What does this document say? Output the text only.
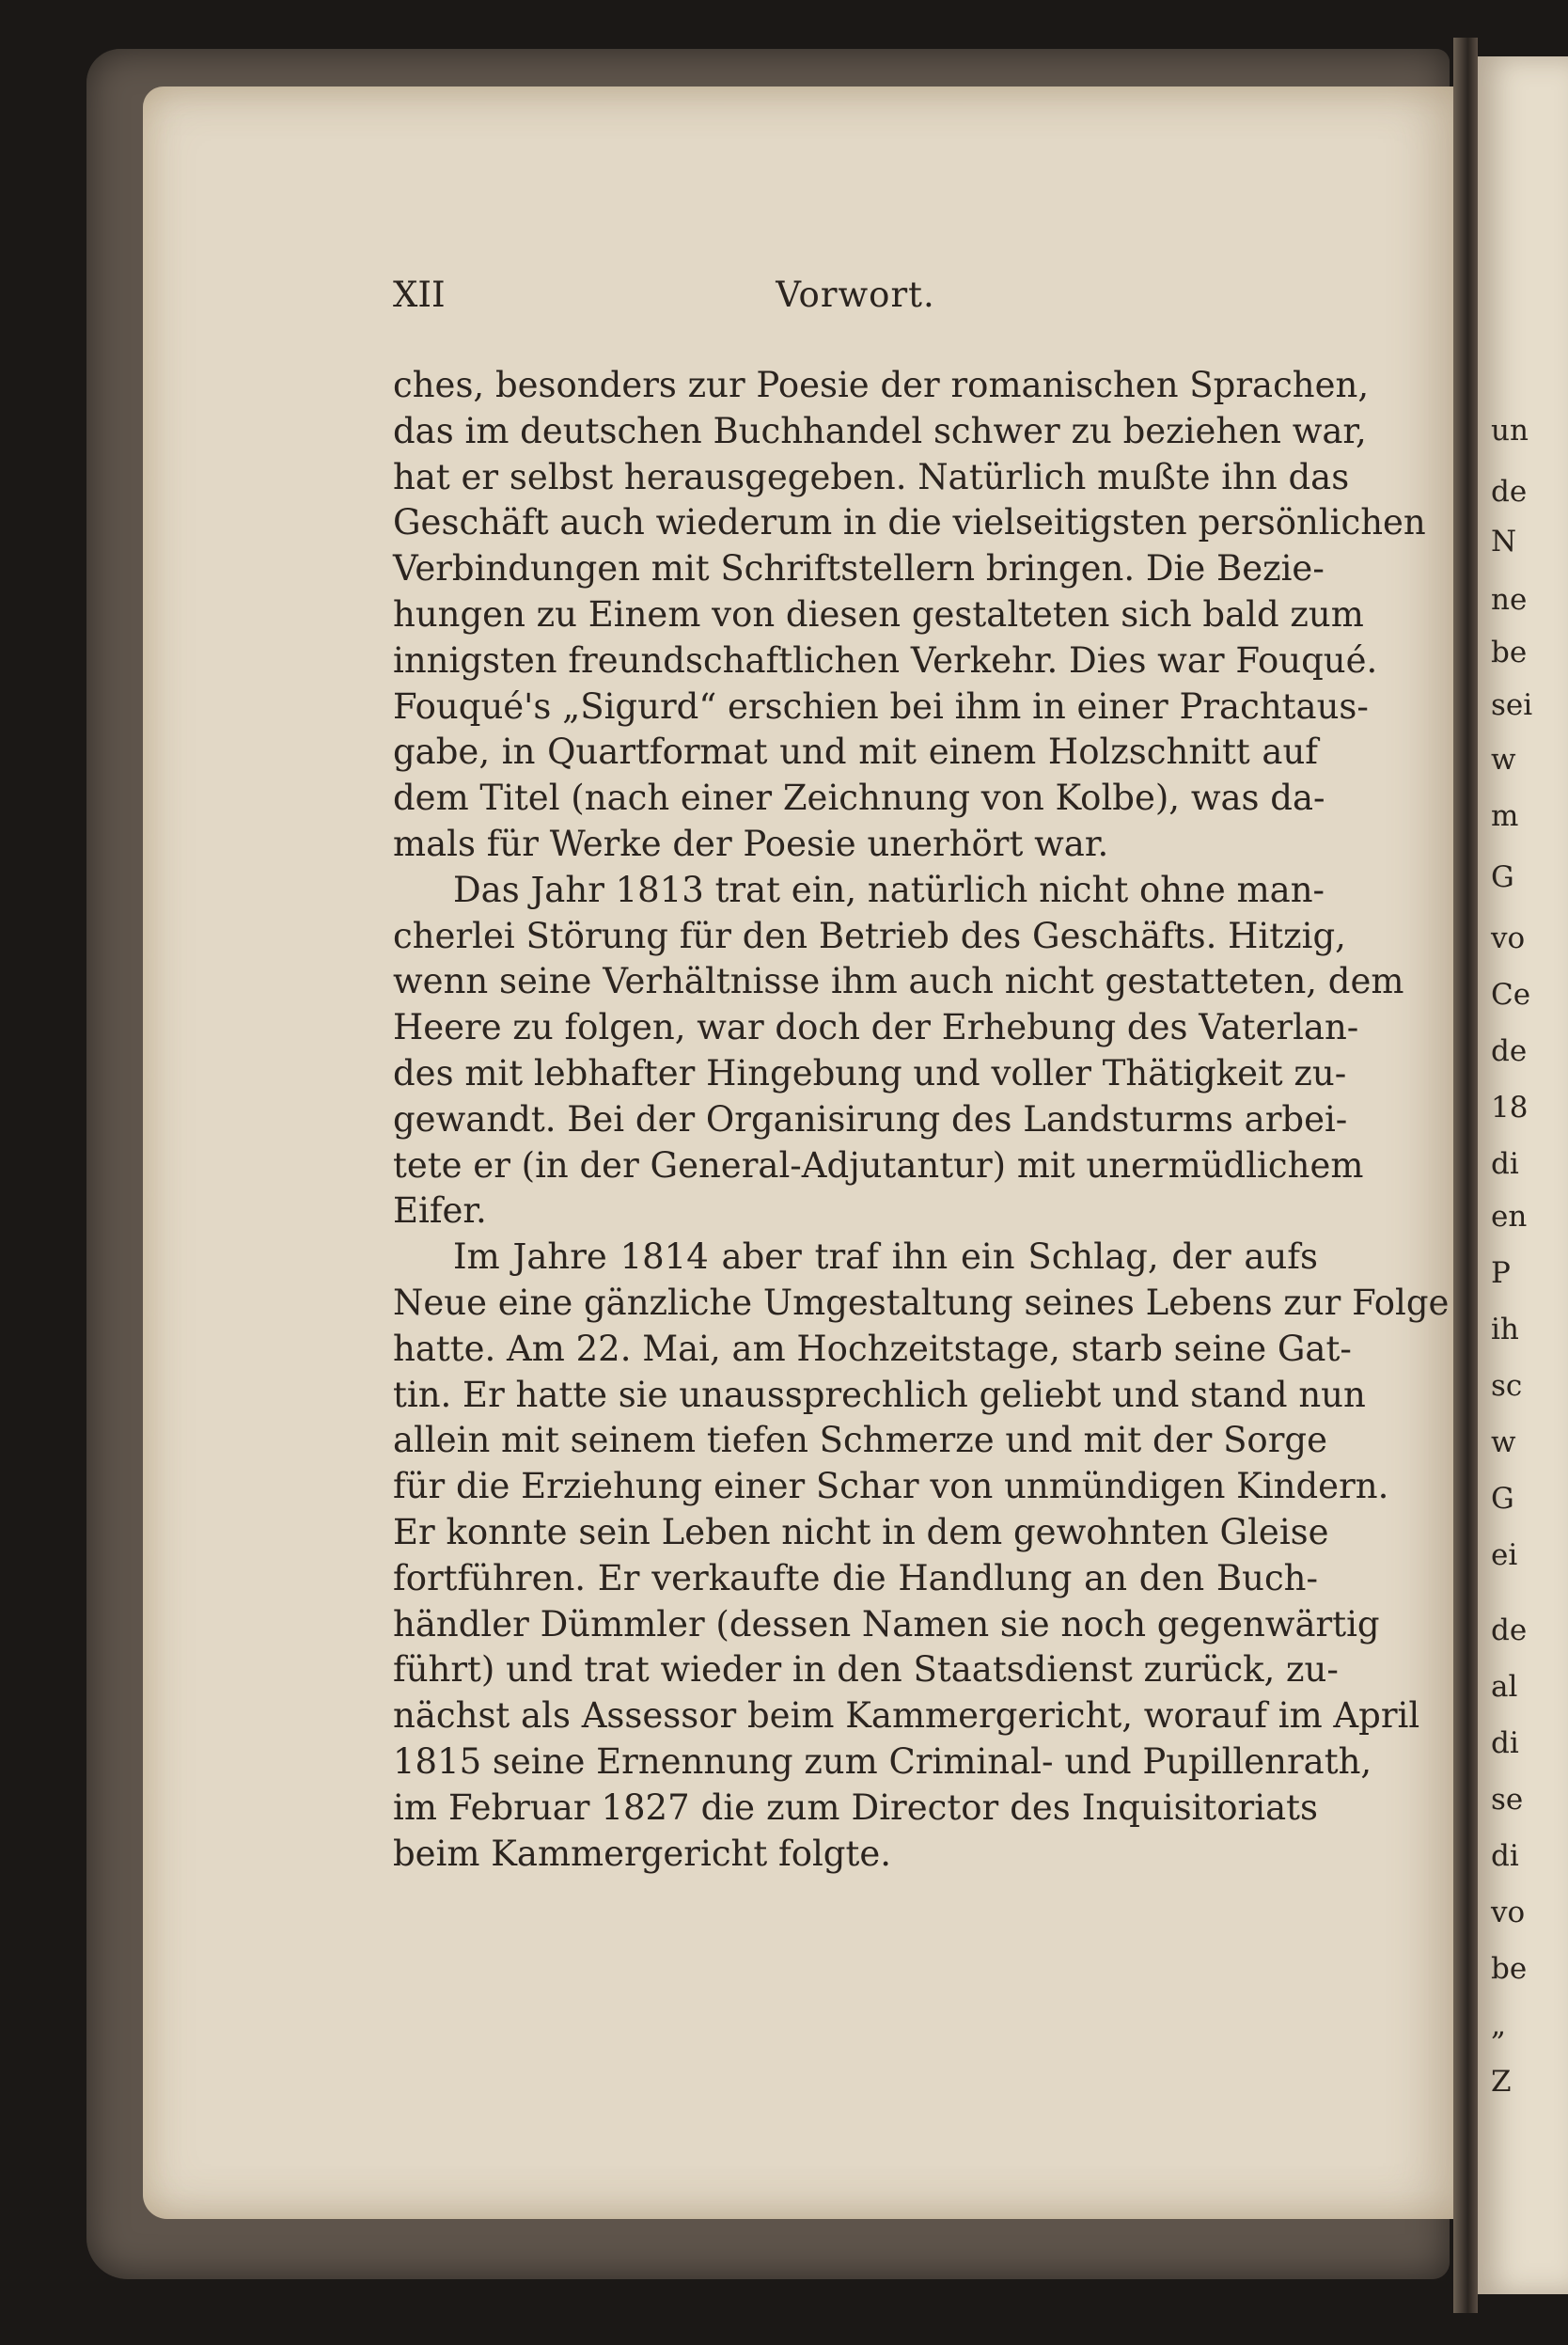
un
de
N
ne
be
sei
w
m
G
vo
Ce
de
18
di
en
P
ih
sc
w
G
ei
de
al
di
se
di
vo
be
„
Z
XII	Vorwort.
ches, besonders zur Poesie der romanischen Sprachen,
das im deutschen Buchhandel schwer zu beziehen war,
hat er selbst herausgegeben. Natürlich mußte ihn das
Geschäft auch wiederum in die vielseitigsten persönlichen
Verbindungen mit Schriftstellern bringen. Die Bezie-
hungen zu Einem von diesen gestalteten sich bald zum
innigsten freundschaftlichen Verkehr. Dies war Fouqué.
Fouqué's „Sigurd“ erschien bei ihm in einer Prachtaus-
gabe, in Quartformat und mit einem Holzschnitt auf
dem Titel (nach einer Zeichnung von Kolbe), was da-
mals für Werke der Poesie unerhört war.
Das Jahr 1813 trat ein, natürlich nicht ohne man-
cherlei Störung für den Betrieb des Geschäfts. Hitzig,
wenn seine Verhältnisse ihm auch nicht gestatteten, dem
Heere zu folgen, war doch der Erhebung des Vaterlan-
des mit lebhafter Hingebung und voller Thätigkeit zu-
gewandt. Bei der Organisirung des Landsturms arbei-
tete er (in der General-Adjutantur) mit unermüdlichem
Eifer.
Im Jahre 1814 aber traf ihn ein Schlag, der aufs
Neue eine gänzliche Umgestaltung seines Lebens zur Folge
hatte. Am 22. Mai, am Hochzeitstage, starb seine Gat-
tin. Er hatte sie unaussprechlich geliebt und stand nun
allein mit seinem tiefen Schmerze und mit der Sorge
für die Erziehung einer Schar von unmündigen Kindern.
Er konnte sein Leben nicht in dem gewohnten Gleise
fortführen. Er verkaufte die Handlung an den Buch-
händler Dümmler (dessen Namen sie noch gegenwärtig
führt) und trat wieder in den Staatsdienst zurück, zu-
nächst als Assessor beim Kammergericht, worauf im April
1815 seine Ernennung zum Criminal- und Pupillenrath,
im Februar 1827 die zum Director des Inquisitoriats
beim Kammergericht folgte.
